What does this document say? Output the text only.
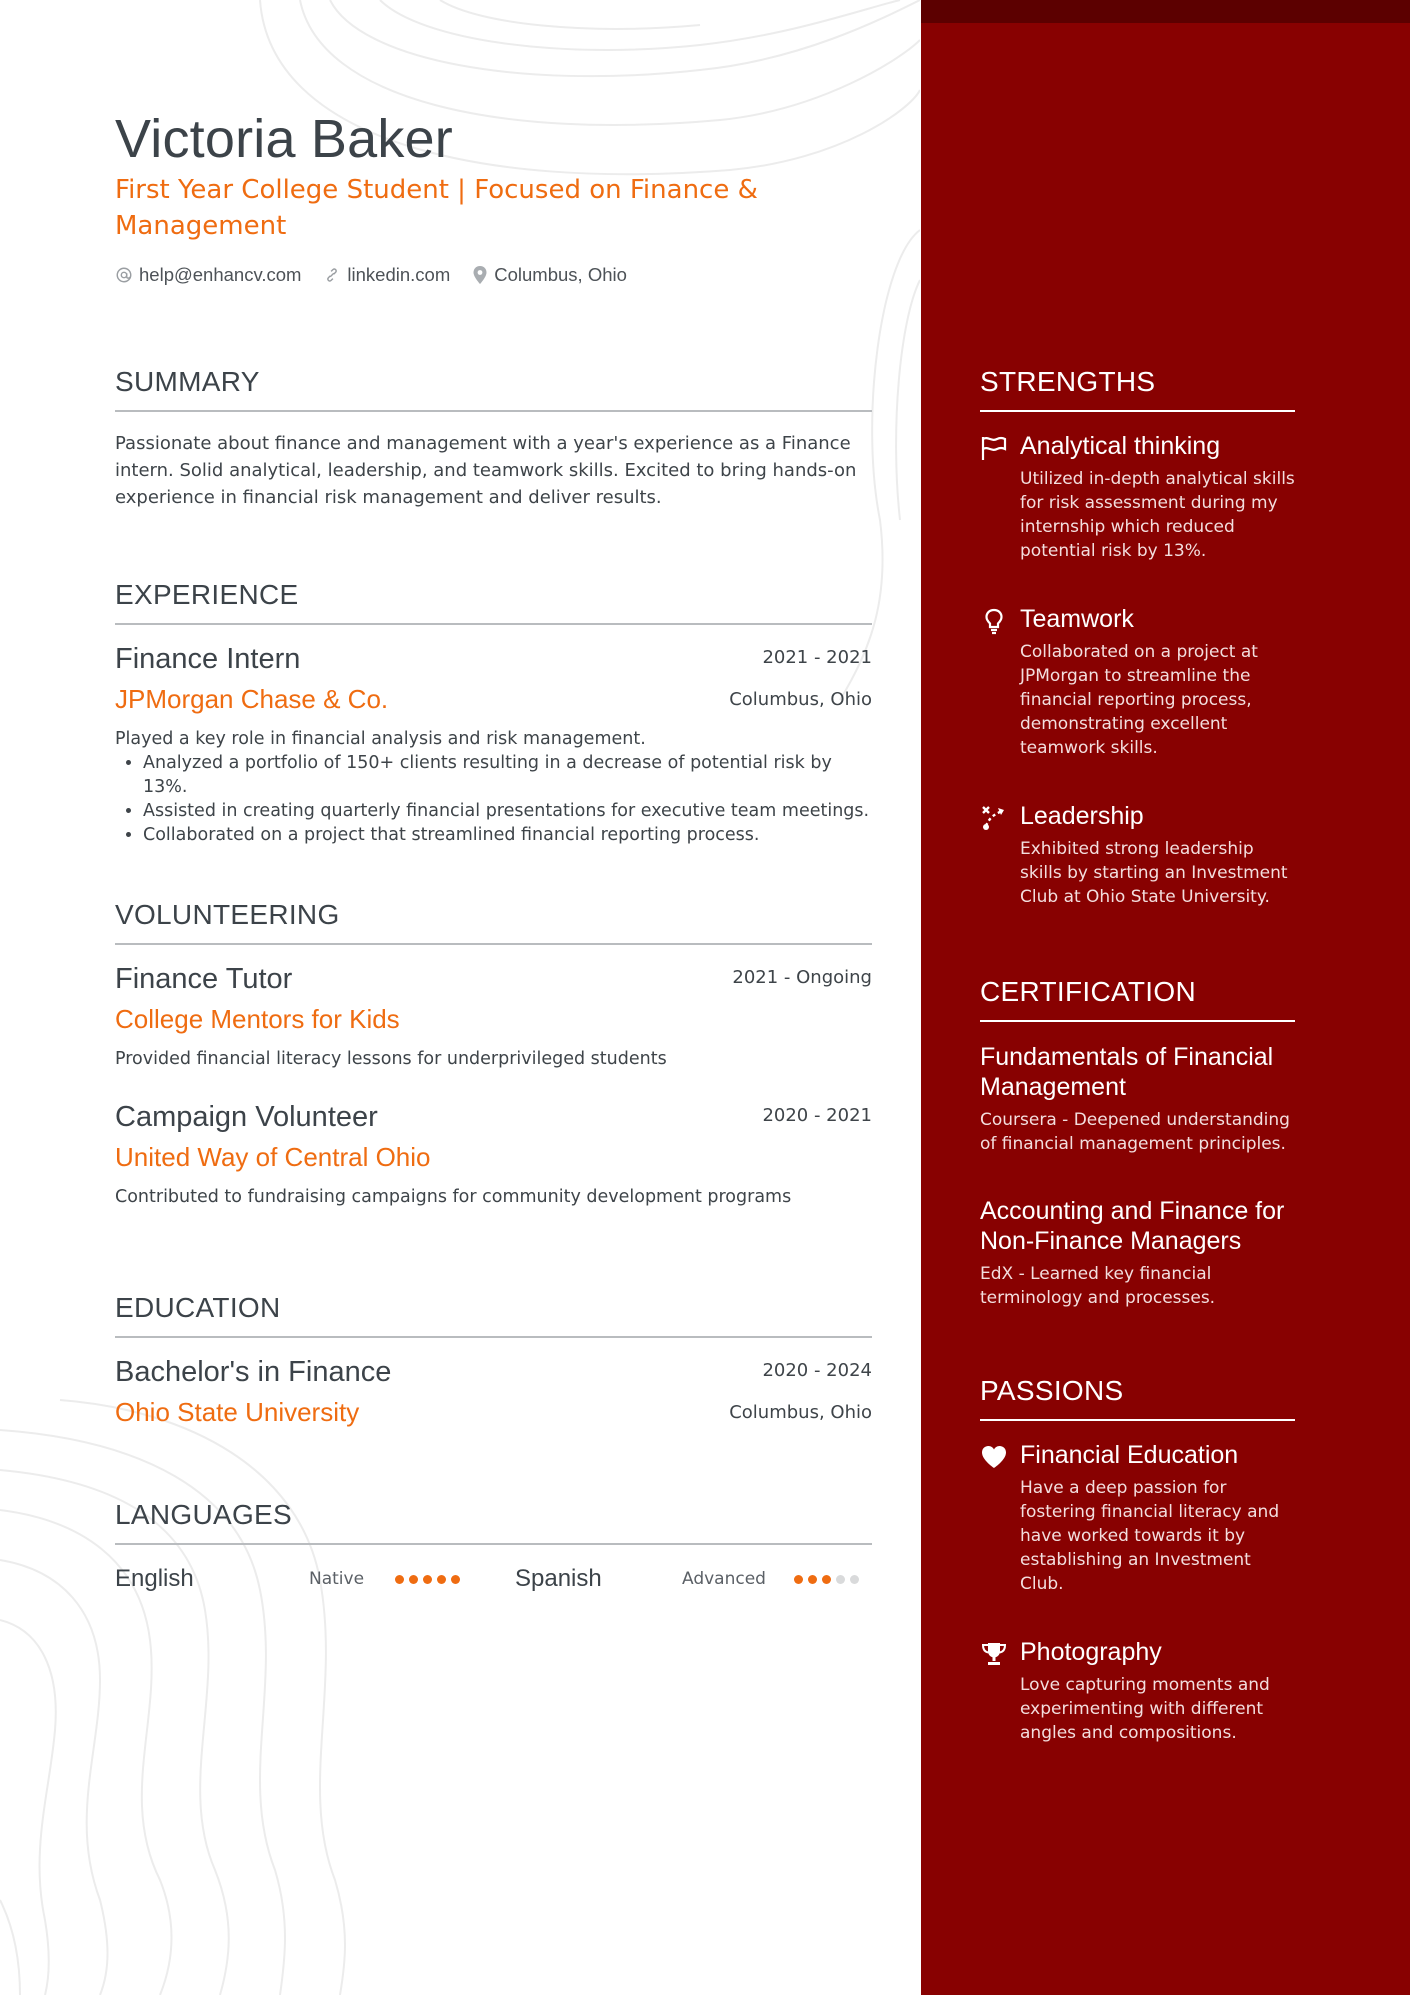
Victoria Baker
First Year College Student | Focused on Finance & Management
help@enhancv.com linkedin.com Columbus, Ohio
SUMMARY
Passionate about finance and management with a year's experience as a Finance intern. Solid analytical, leadership, and teamwork skills. Excited to bring hands-on experience in financial risk management and deliver results.
EXPERIENCE
Finance Intern
JPMorgan Chase & Co.
2021 - 2021
Columbus, Ohio
Played a key role in financial analysis and risk management.
• Analyzed a portfolio of 150+ clients resulting in a decrease of potential risk by 13%.
• Assisted in creating quarterly financial presentations for executive team meetings.
• Collaborated on a project that streamlined financial reporting process.
VOLUNTEERING
Finance Tutor
College Mentors for Kids
2021 - Ongoing
Provided financial literacy lessons for underprivileged students
Campaign Volunteer
United Way of Central Ohio
2020 - 2021
Contributed to fundraising campaigns for community development programs
EDUCATION
Bachelor's in Finance
Ohio State University
2020 - 2024
Columbus, Ohio
LANGUAGES
English	Native	Spanish	Advanced
STRENGTHS
Analytical thinking
Utilized in-depth analytical skills for risk assessment during my internship which reduced potential risk by 13%.
Teamwork
Collaborated on a project at JPMorgan to streamline the financial reporting process, demonstrating excellent teamwork skills.
Leadership
Exhibited strong leadership skills by starting an Investment Club at Ohio State University.
CERTIFICATION
Fundamentals of Financial Management
Coursera - Deepened understanding of financial management principles.
Accounting and Finance for Non-Finance Managers
EdX - Learned key financial terminology and processes.
PASSIONS
Financial Education
Have a deep passion for fostering financial literacy and have worked towards it by establishing an Investment Club.
Photography
Love capturing moments and experimenting with different angles and compositions.
